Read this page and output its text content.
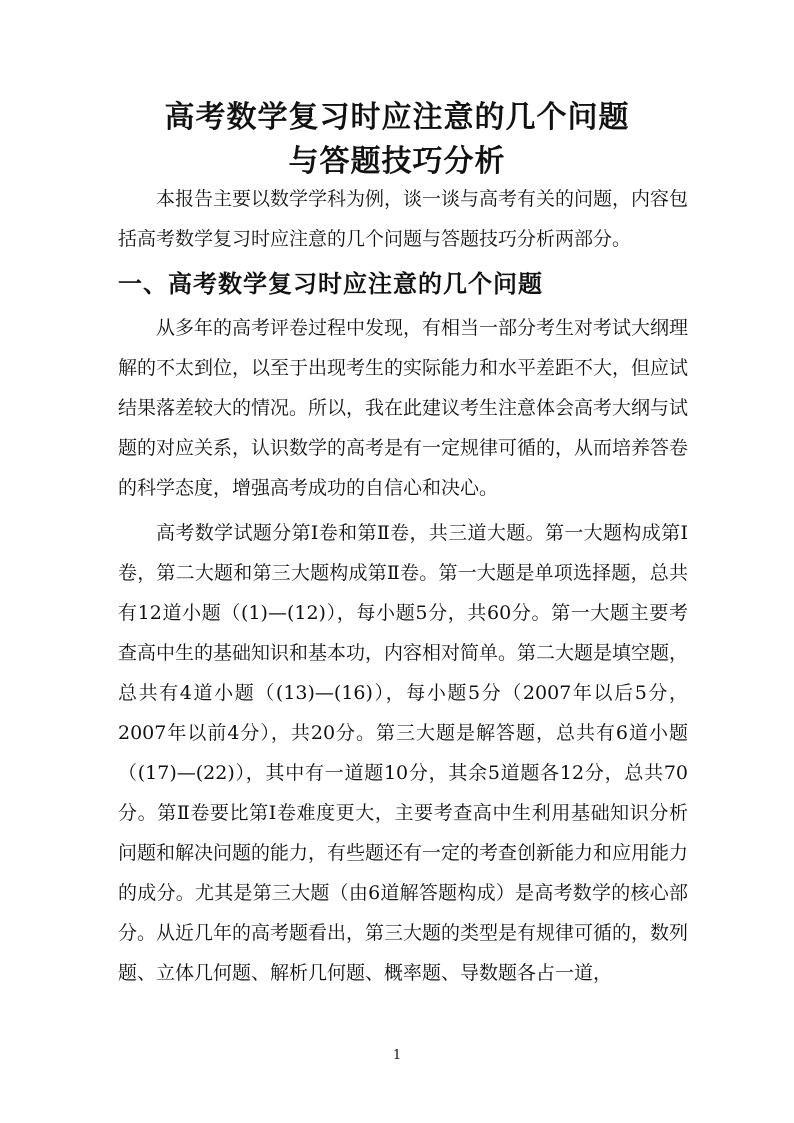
高考数学复习时应注意的几个问题
与答题技巧分析
本报告主要以数学学科为例，谈一谈与高考有关的问题，内容包括高考数学复习时应注意的几个问题与答题技巧分析两部分。
一、高考数学复习时应注意的几个问题
从多年的高考评卷过程中发现，有相当一部分考生对考试大纲理解的不太到位，以至于出现考生的实际能力和水平差距不大，但应试结果落差较大的情况。所以，我在此建议考生注意体会高考大纲与试题的对应关系，认识数学的高考是有一定规律可循的，从而培养答卷的科学态度，增强高考成功的自信心和决心。
高考数学试题分第Ⅰ卷和第Ⅱ卷，共三道大题。第一大题构成第Ⅰ卷，第二大题和第三大题构成第Ⅱ卷。第一大题是单项选择题，总共有12道小题（(1)—(12)），每小题5分，共60分。第一大题主要考查高中生的基础知识和基本功，内容相对简单。第二大题是填空题，总共有4道小题（(13)—(16)），每小题5分（2007年以后5分，2007年以前4分），共20分。第三大题是解答题，总共有6道小题（(17)—(22)），其中有一道题10分，其余5道题各12分，总共70分。第Ⅱ卷要比第Ⅰ卷难度更大，主要考查高中生利用基础知识分析问题和解决问题的能力，有些题还有一定的考查创新能力和应用能力的成分。尤其是第三大题（由6道解答题构成）是高考数学的核心部分。从近几年的高考题看出，第三大题的类型是有规律可循的，数列题、立体几何题、解析几何题、概率题、导数题各占一道，
1
